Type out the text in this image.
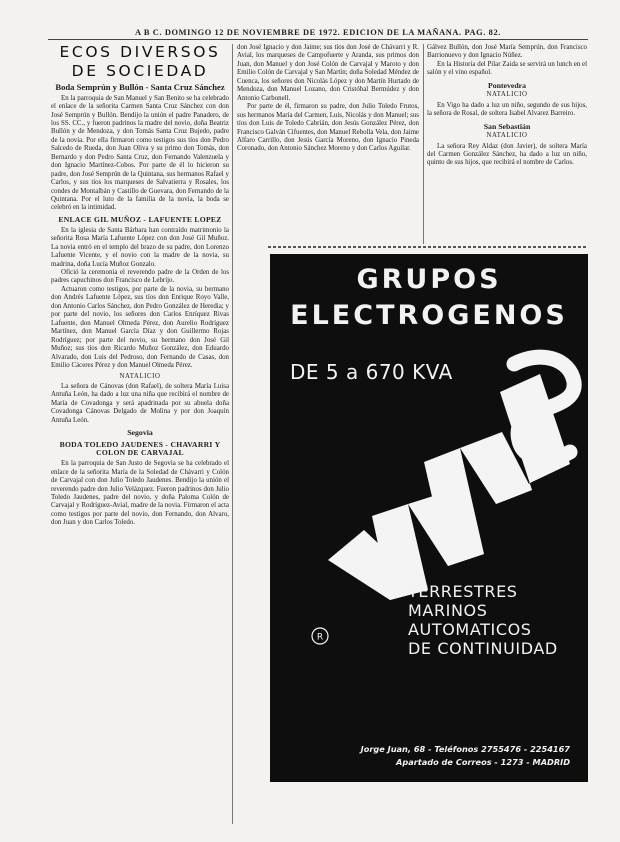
A B C. DOMINGO 12 DE NOVIEMBRE DE 1972. EDICION DE LA MAÑANA. PAG. 82.
ECOS DIVERSOS
DE SOCIEDAD
Boda Semprún y Bullón - Santa Cruz Sánchez

En la parroquia de San Manuel y San Benito se ha celebrado el enlace de la señorita Carmen Santa Cruz Sánchez con don José Semprún y Bullón. Bendijo la unión el padre Panadero, de los SS. CC., y fueron padrinos la madre del novio, doña Beatriz Bullón y de Mendoza, y don Tomás Santa Cruz Bujedo, padre de la novia. Por ella firmaron como testigos sus tíos don Pedro Salcedo de Rueda, don Juan Oliva y su primo don Tomás, don Bernardo y don Pedro Santa Cruz, don Fernando Valenzuela y don Ignacio Martínez-Cobos. Por parte de él lo hicieron su padre, don José Semprún de la Quintana, sus hermanos Rafael y Carlos, y sus tíos los marqueses de Salvatierra y Rosales, los condes de Montalbán y Castillo de Guevara, don Fernando de la Quintana. Por el luto de la familia de la novia, la boda se celebró en la intimidad.

ENLACE GIL MUÑOZ - LAFUENTE LOPEZ

En la iglesia de Santa Bárbara han contraído matrimonio la señorita Rosa María Lafuente López con don José Gil Muñoz. La novia entró en el templo del brazo de su padre, don Lorenzo Lafuente Vicente, y el novio con la madre de la novia, su madrina, doña Lucía Muñoz Gonzalo.

Ofició la ceremonia el reverendo padre de la Orden de los padres capuchinos don Francisco de Lebrijo.

Actuaron como testigos, por parte de la novia, su hermano don Andrés Lafuente López, sus tíos don Enrique Royo Valle, don Antonio Carlos Sánchez, don Pedro González de Heredia; y por parte del novio, los señores don Carlos Enríquez Rivas Lafuente, don Manuel Olmeda Pérez, don Aurelio Rodríguez Martínez, don Manuel García Díaz y don Guillermo Rojas Rodríguez; por parte del novio, su hermano don José Gil Muñoz; sus tíos don Ricardo Muñoz González, don Eduardo Alvarado, don Luis del Pedroso, don Fernando de Casas, don Emilio Cáceres Pérez y don Manuel Olmeda Pérez.

NATALICIO

La señora de Cánovas (don Rafael), de soltera María Luisa Antuña León, ha dado a luz una niña que recibirá el nombre de María de Covadonga y será apadrinada por su abuela doña Covadonga Cánovas Delgado de Molina y por don Joaquín Antuña León.

Segovia
BODA TOLEDO JAUDENES - CHAVARRI Y COLON DE CARVAJAL

En la parroquia de San Justo de Segovia se ha celebrado el enlace de la señorita María de la Soledad de Chávarri y Colón de Carvajal con don Julio Toledo Jaudenes. Bendijo la unión el reverendo padre don Julio Velázquez. Fueron padrinos don Julio Toledo Jaudenes, padre del novio, y doña Paloma Colón de Carvajal y Rodríguez-Avial, madre de la novia. Firmaron el acta como testigos por parte del novio, don Fernando, don Alvaro, don Juan y don Carlos Toledo.

don José Ignacio y don Jaime; sus tíos don José de Chávarri y R. Avial, los marqueses de Campofuerte y Aranda, sus primos don Juan, don Manuel y don José Colón de Carvajal y Maroto y don Emilio Colón de Carvajal y San Martín; doña Soledad Méndez de Cuenca, los señores don Nicolás López y don Martín Hurtado de Mendoza, don Manuel Lozano, don Cristóbal Bermúdez y don Antonio Carbonell.

Por parte de él, firmaron su padre, don Julio Toledo Frutos, sus hermanos María del Carmen, Luis, Nicolás y don Manuel; sus tíos don Luis de Toledo Cabrián, don Jesús González Pérez, don Francisco Galván Cifuentes, don Manuel Rebolla Vela, don Jaime Alfaro Carrillo, don Jesús García Moreno, don Ignacio Pineda Coronado, don Antonio Sánchez Moreno y don Carlos Aguilar.

Gálvez Bullón, don José María Semprún, don Francisco Barrionuevo y don Ignacio Núñez.

En la Historia del Pilar Zaida se servirá un lunch en el salón y el vino español.

Pontevedra
NATALICIO

En Vigo ha dado a luz un niño, segundo de sus hijos, la señora de Rosal, de soltera Isabel Alvarez Barreiro.

San Sebastián
NATALICIO

La señora Rey Aldaz (don Javier), de soltera María del Carmen González Sánchez, ha dado a luz un niño, quinto de sus hijos, que recibirá el nombre de Carlos.

R
GRUPOS
ELECTROGENOS
DE 5 a 670 KVA
TERRESTRES
MARINOS
AUTOMATICOS
DE CONTINUIDAD
Jorge Juan, 68 - Teléfonos 2755476 - 2254167
Apartado de Correos - 1273 - MADRID
